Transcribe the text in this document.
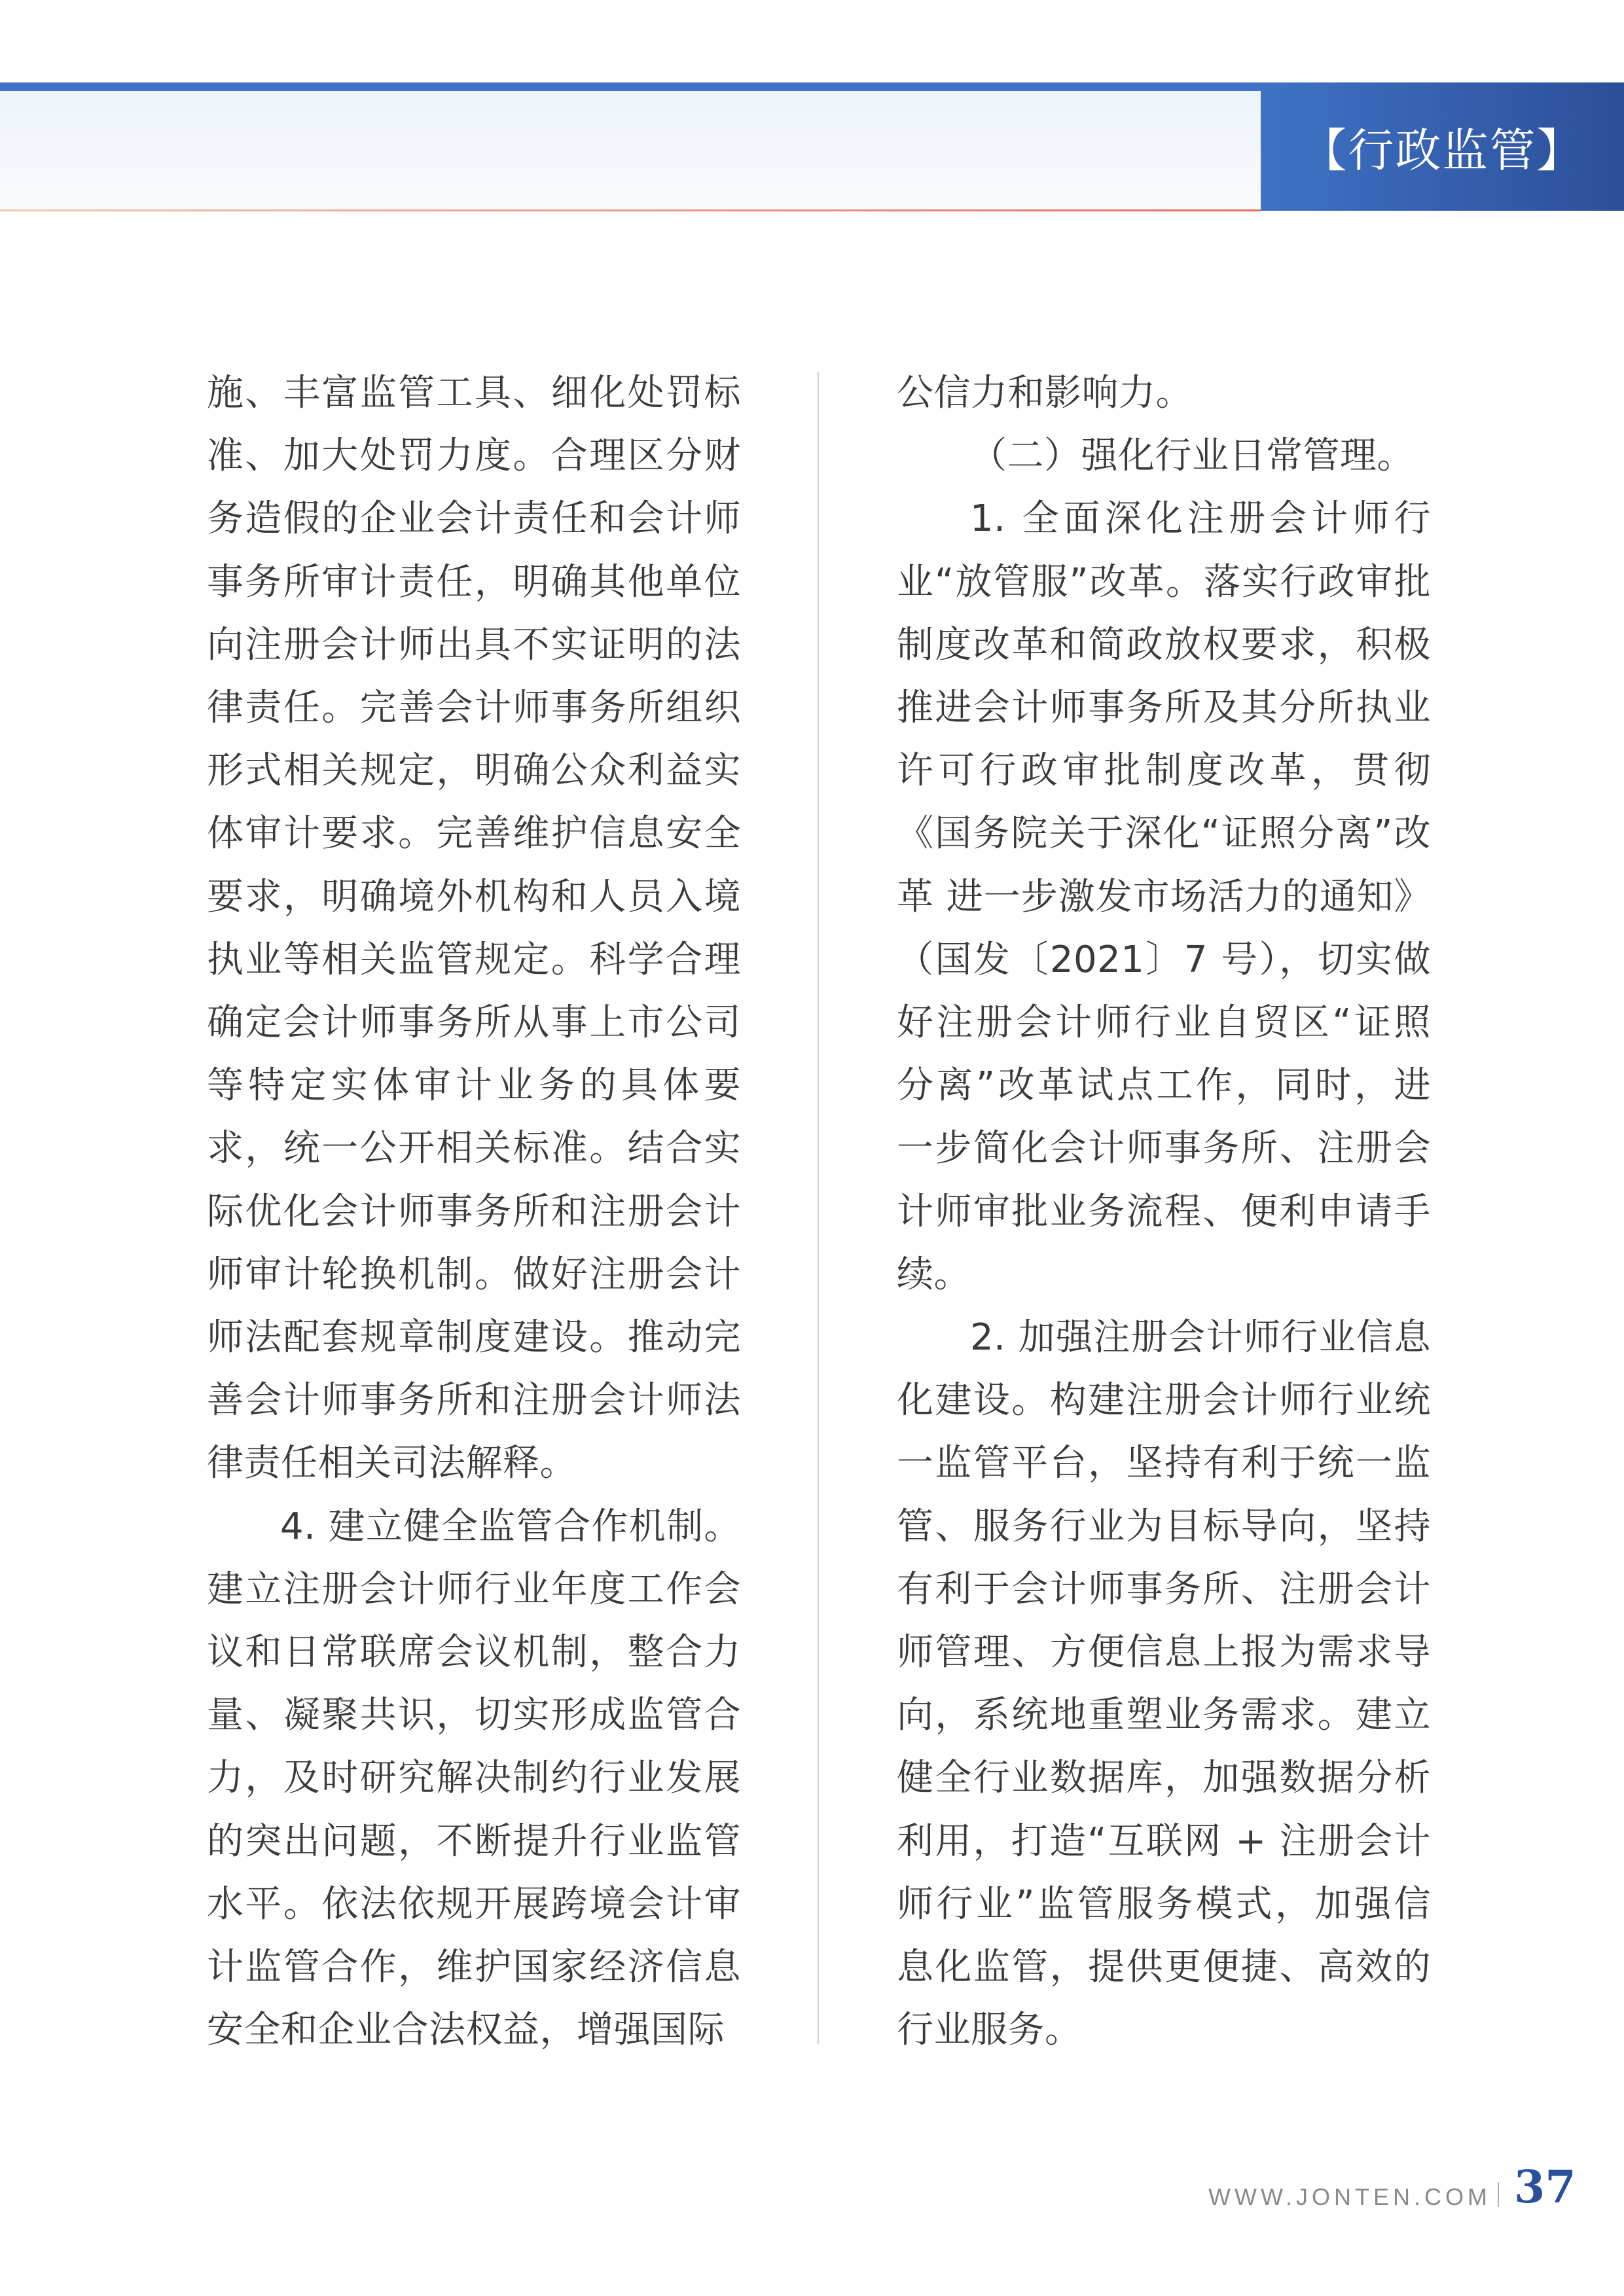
【行政监管】

施、丰富监管工具、细化处罚标准、加大处罚力度。合理区分财务造假的企业会计责任和会计师事务所审计责任，明确其他单位向注册会计师出具不实证明的法律责任。完善会计师事务所组织形式相关规定，明确公众利益实体审计要求。完善维护信息安全要求，明确境外机构和人员入境执业等相关监管规定。科学合理确定会计师事务所从事上市公司等特定实体审计业务的具体要求，统一公开相关标准。结合实际优化会计师事务所和注册会计师审计轮换机制。做好注册会计师法配套规章制度建设。推动完善会计师事务所和注册会计师法律责任相关司法解释。

4. 建立健全监管合作机制。建立注册会计师行业年度工作会议和日常联席会议机制，整合力量、凝聚共识，切实形成监管合力，及时研究解决制约行业发展的突出问题，不断提升行业监管水平。依法依规开展跨境会计审计监管合作，维护国家经济信息安全和企业合法权益，增强国际

公信力和影响力。

（二）强化行业日常管理。

1. 全面深化注册会计师行业“放管服”改革。落实行政审批制度改革和简政放权要求，积极推进会计师事务所及其分所执业许可行政审批制度改革，贯彻《国务院关于深化“证照分离”改革 进一步激发市场活力的通知》（国发〔2021〕7 号），切实做好注册会计师行业自贸区“证照分离”改革试点工作，同时，进一步简化会计师事务所、注册会计师审批业务流程、便利申请手续。

2. 加强注册会计师行业信息化建设。构建注册会计师行业统一监管平台，坚持有利于统一监管、服务行业为目标导向，坚持有利于会计师事务所、注册会计师管理、方便信息上报为需求导向，系统地重塑业务需求。建立健全行业数据库，加强数据分析利用，打造“互联网 + 注册会计师行业”监管服务模式，加强信息化监管，提供更便捷、高效的行业服务。

WWW.JONTEN.COM 37
